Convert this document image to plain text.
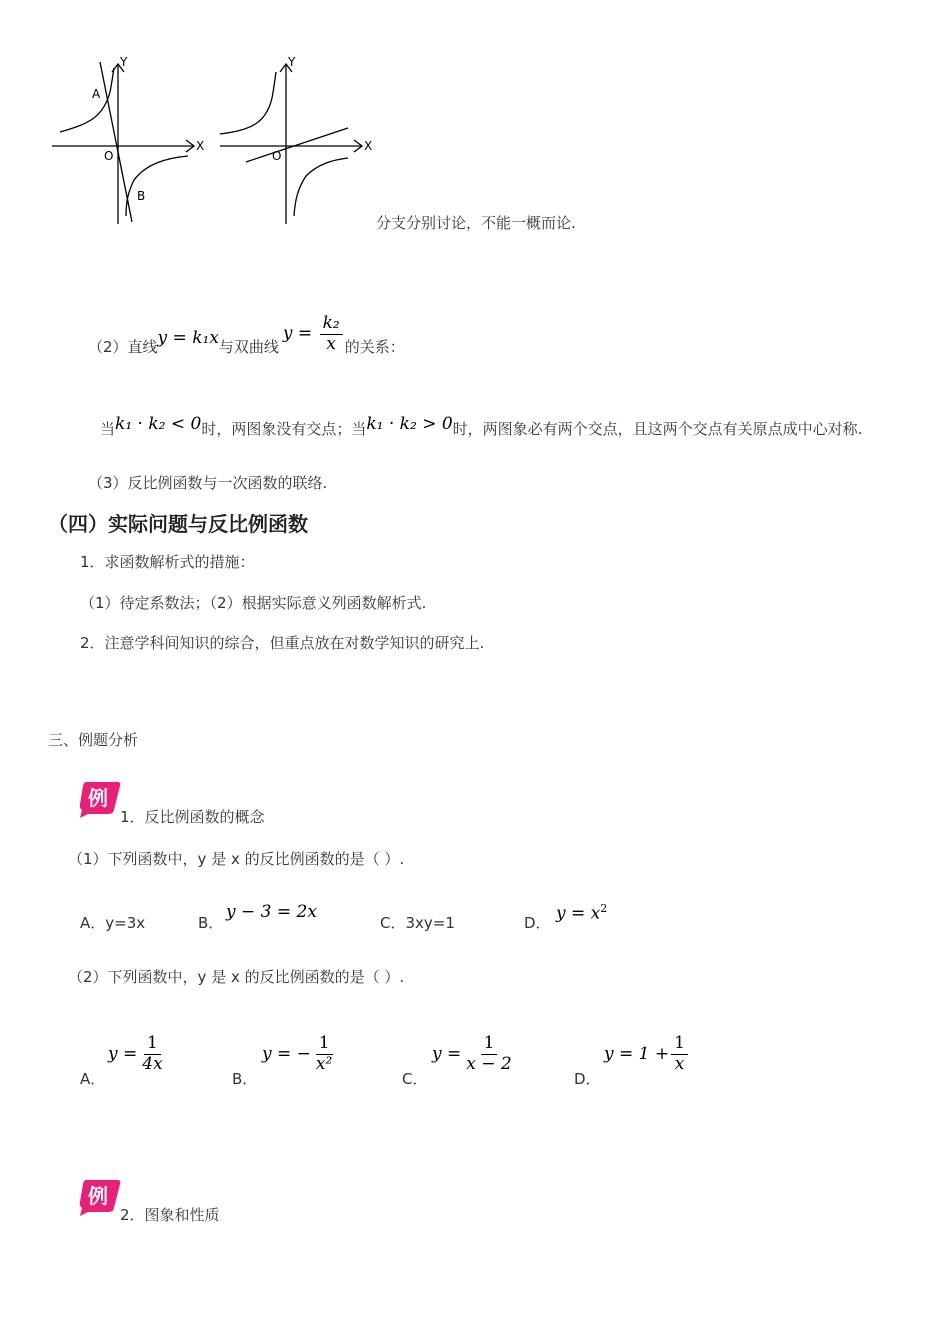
Y
X
O
A
B
Y
X
O
分支分别讨论，不能一概而论.
（2）直线 y = k₁x 与双曲线
$y = \frac{\text{k₂}}{x}$ 的关系：
当 k₁ · k₂ < 0 时，两图象没有交点；当 k₁ · k₂ > 0 时，两图象必有两个交点，且这两个交点有关原点成中心对称.
（3）反比例函数与一次函数的联络.
（四）实际问题与反比例函数
1．求函数解析式的措施：
（1）待定系数法；（2）根据实际意义列函数解析式.
2．注意学科间知识的综合，但重点放在对数学知识的研究上.
三、例题分析
例
1．反比例函数的概念
（1）下列函数中，y 是 x 的反比例函数的是（ ）.
A．y=3x	B．
y − 3 = 2x
C．3xy=1	D． $y = x^2$
（2）下列函数中，y 是 x 的反比例函数的是（ ）.
A．
$y = \frac{1}{4x}$
B．
y = − $\frac{1}{\text{x²}}$
C．
$y = \frac{1}{x - 2}$
D．
$y = 1 + \frac{1}{x}$
例
2．图象和性质
